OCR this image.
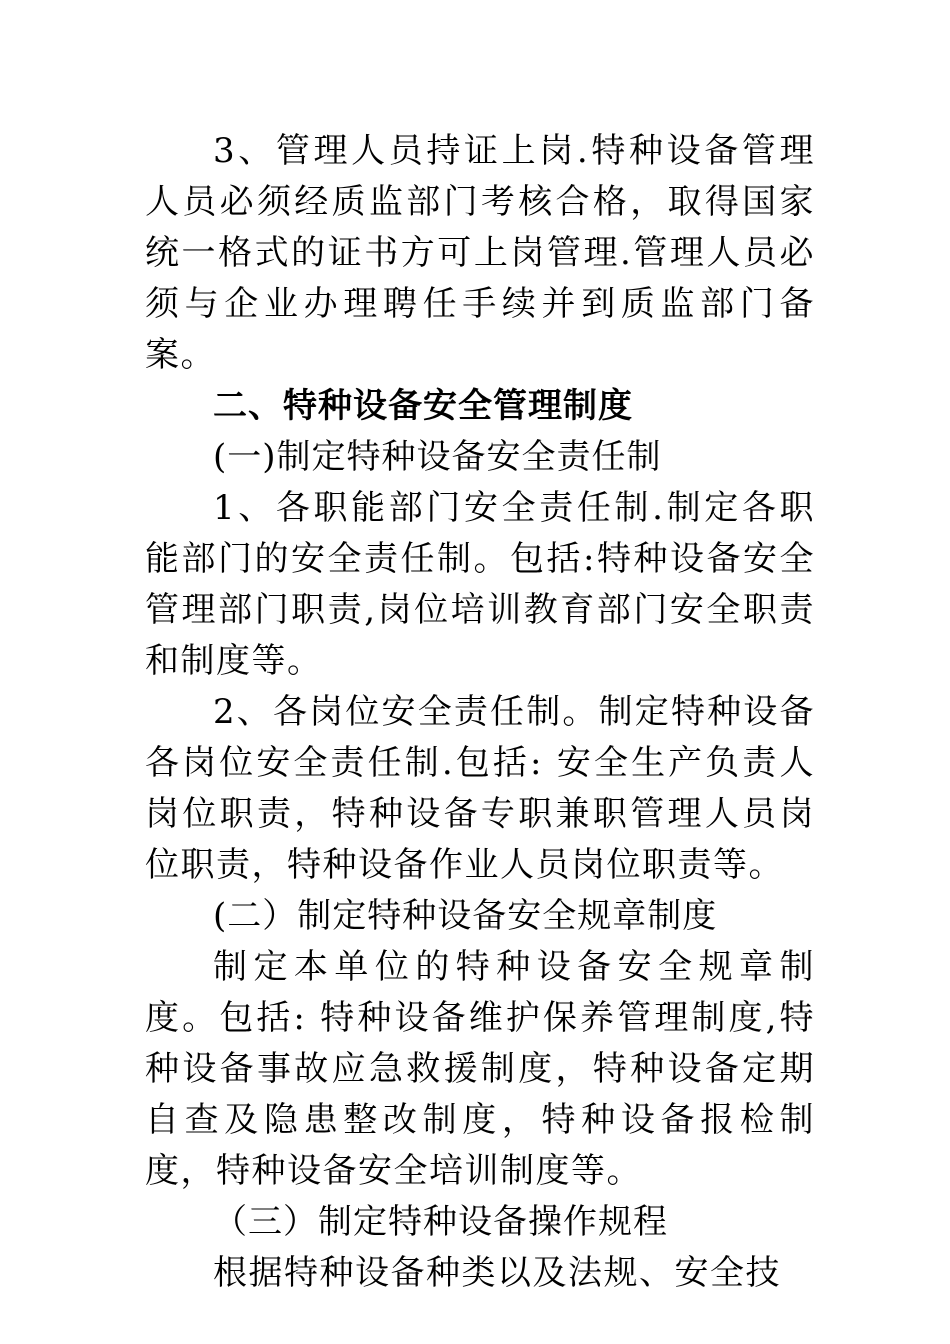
3、管理人员持证上岗.特种设备管理人员必须经质监部门考核合格，取得国家统一格式的证书方可上岗管理.管理人员必须与企业办理聘任手续并到质监部门备案。

二、特种设备安全管理制度

(一)制定特种设备安全责任制

1、各职能部门安全责任制.制定各职能部门的安全责任制。包括:特种设备安全管理部门职责,岗位培训教育部门安全职责和制度等。

2、各岗位安全责任制。制定特种设备各岗位安全责任制.包括: 安全生产负责人岗位职责，特种设备专职兼职管理人员岗位职责，特种设备作业人员岗位职责等。

(二）制定特种设备安全规章制度

制定本单位的特种设备安全规章制度。包括: 特种设备维护保养管理制度,特种设备事故应急救援制度，特种设备定期自查及隐患整改制度，特种设备报检制度，特种设备安全培训制度等。

（三）制定特种设备操作规程

根据特种设备种类以及法规、安全技
